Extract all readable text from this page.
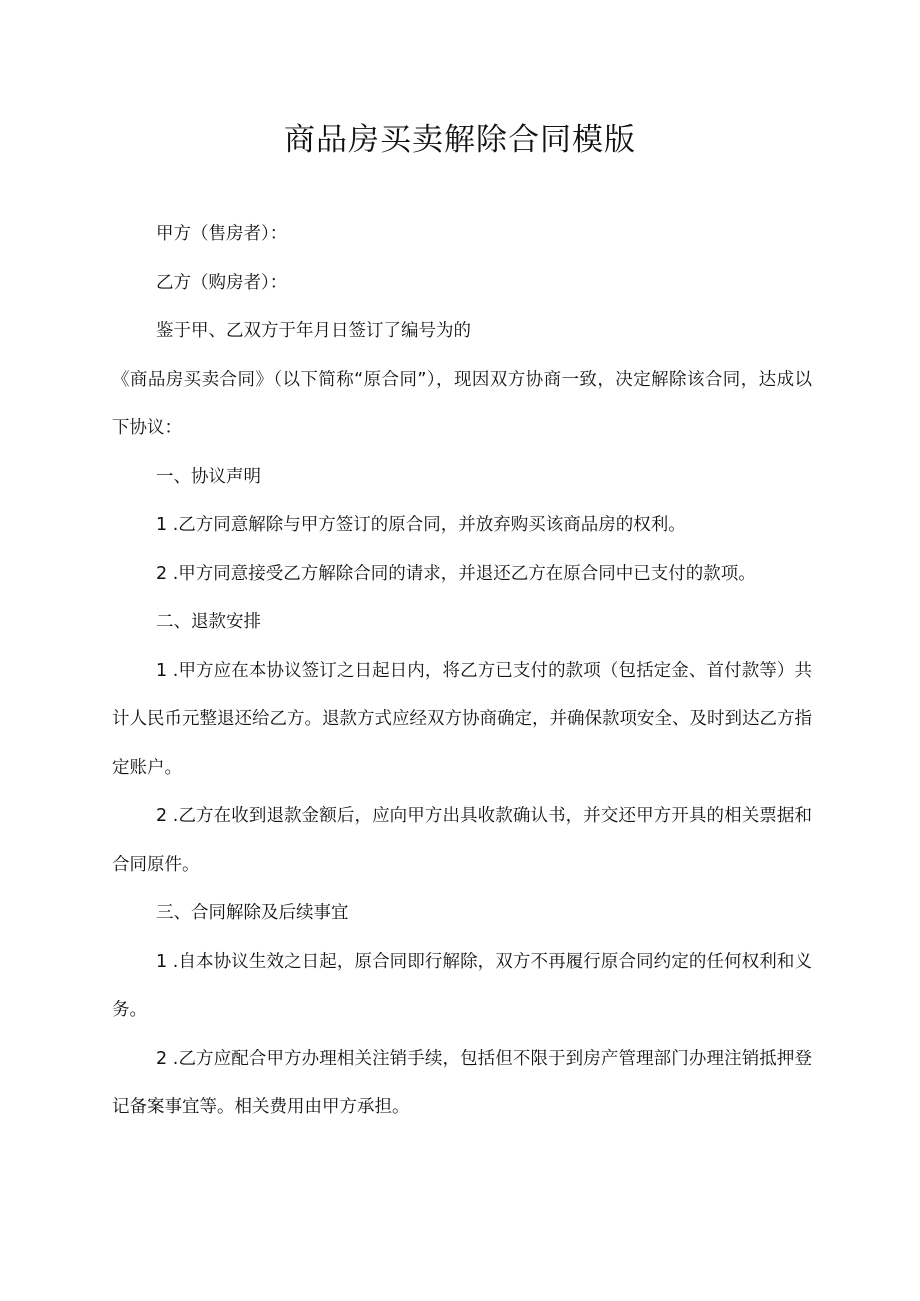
商品房买卖解除合同模版

甲方（售房者）：

乙方（购房者）：

鉴于甲、乙双方于年月日签订了编号为的

《商品房买卖合同》（以下简称“原合同”），现因双方协商一致，决定解除该合同，达成以下协议：

一、协议声明

1 .乙方同意解除与甲方签订的原合同，并放弃购买该商品房的权利。

2 .甲方同意接受乙方解除合同的请求，并退还乙方在原合同中已支付的款项。

二、退款安排

1 .甲方应在本协议签订之日起日内，将乙方已支付的款项（包括定金、首付款等）共计人民币元整退还给乙方。退款方式应经双方协商确定，并确保款项安全、及时到达乙方指定账户。

2 .乙方在收到退款金额后，应向甲方出具收款确认书，并交还甲方开具的相关票据和合同原件。

三、合同解除及后续事宜

1 .自本协议生效之日起，原合同即行解除，双方不再履行原合同约定的任何权利和义务。

2 .乙方应配合甲方办理相关注销手续，包括但不限于到房产管理部门办理注销抵押登记备案事宜等。相关费用由甲方承担。
